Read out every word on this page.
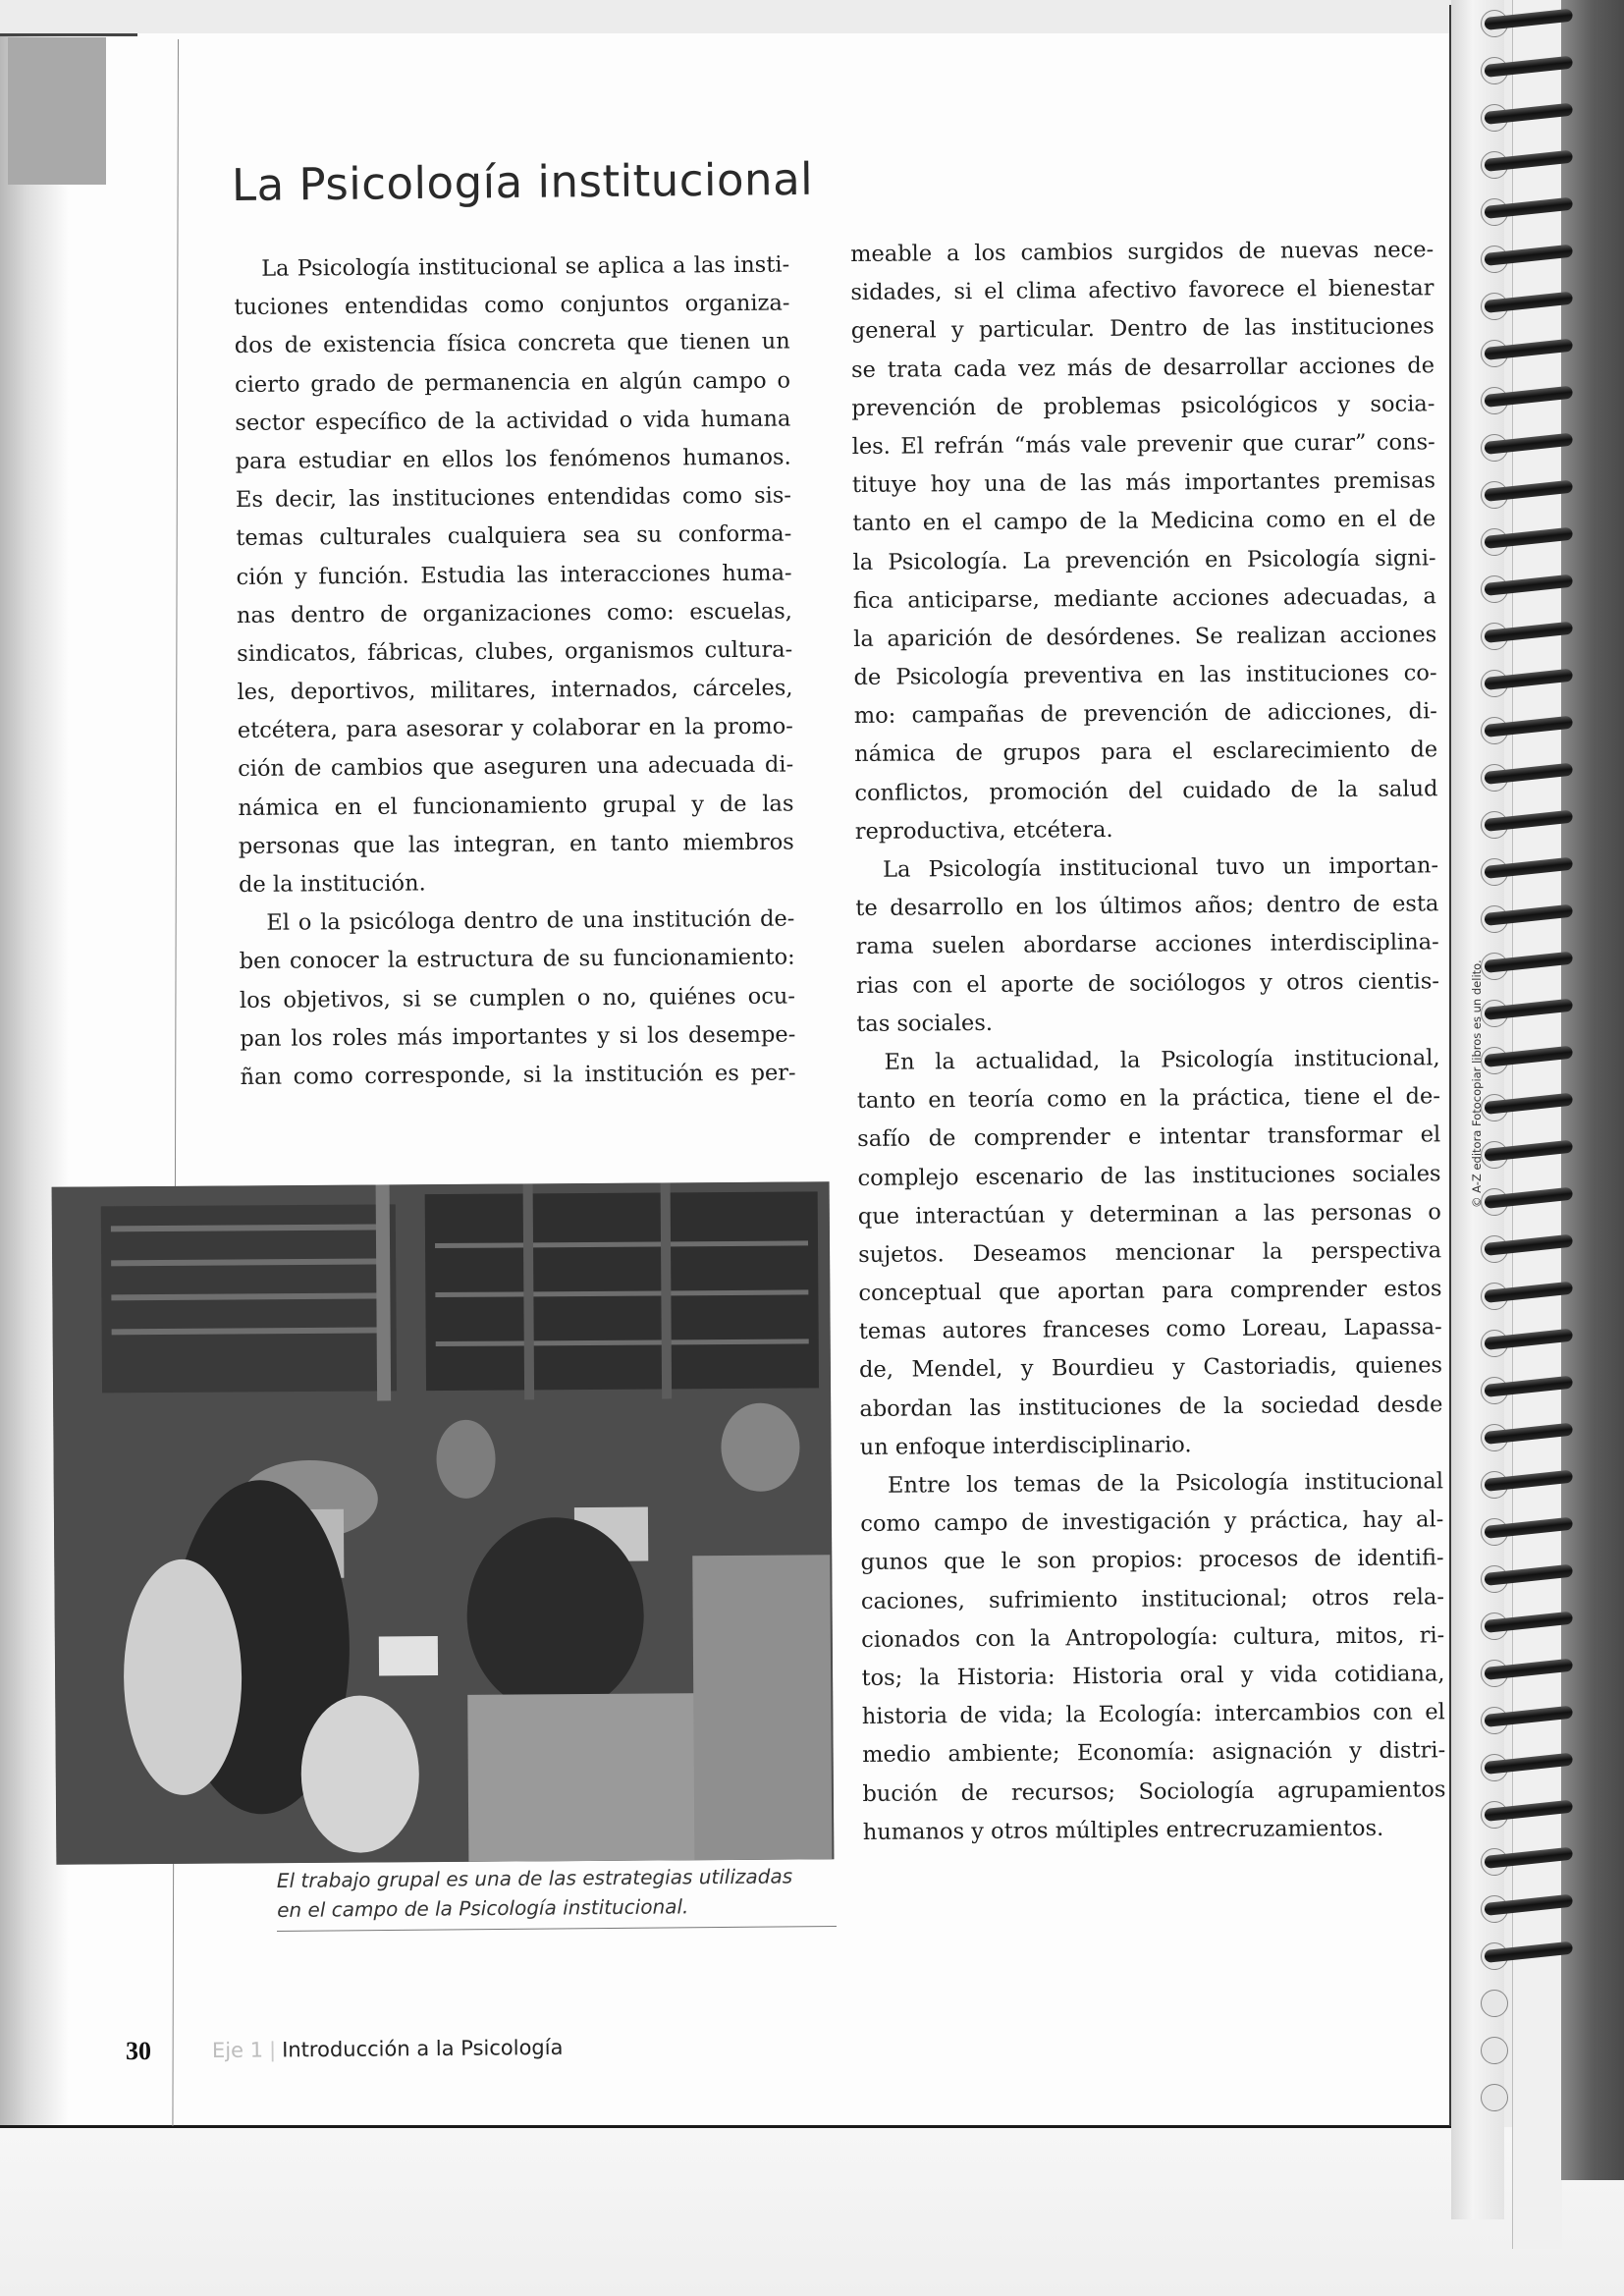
La Psicología institucional
La Psicología institucional se aplica a las insti-
tuciones entendidas como conjuntos organiza-
dos de existencia física concreta que tienen un
cierto grado de permanencia en algún campo o
sector específico de la actividad o vida humana
para estudiar en ellos los fenómenos humanos.
Es decir, las instituciones entendidas como sis-
temas culturales cualquiera sea su conforma-
ción y función. Estudia las interacciones huma-
nas dentro de organizaciones como: escuelas,
sindicatos, fábricas, clubes, organismos cultura-
les, deportivos, militares, internados, cárceles,
etcétera, para asesorar y colaborar en la promo-
ción de cambios que aseguren una adecuada di-
námica en el funcionamiento grupal y de las
personas que las integran, en tanto miembros
de la institución.
El o la psicóloga dentro de una institución de-
ben conocer la estructura de su funcionamiento:
los objetivos, si se cumplen o no, quiénes ocu-
pan los roles más importantes y si los desempe-
ñan como corresponde, si la institución es per-
meable a los cambios surgidos de nuevas nece-
sidades, si el clima afectivo favorece el bienestar
general y particular. Dentro de las instituciones
se trata cada vez más de desarrollar acciones de
prevención de problemas psicológicos y socia-
les. El refrán “más vale prevenir que curar” cons-
tituye hoy una de las más importantes premisas
tanto en el campo de la Medicina como en el de
la Psicología. La prevención en Psicología signi-
fica anticiparse, mediante acciones adecuadas, a
la aparición de desórdenes. Se realizan acciones
de Psicología preventiva en las instituciones co-
mo: campañas de prevención de adicciones, di-
námica de grupos para el esclarecimiento de
conflictos, promoción del cuidado de la salud
reproductiva, etcétera.
La Psicología institucional tuvo un importan-
te desarrollo en los últimos años; dentro de esta
rama suelen abordarse acciones interdisciplina-
rias con el aporte de sociólogos y otros cientis-
tas sociales.
En la actualidad, la Psicología institucional,
tanto en teoría como en la práctica, tiene el de-
safío de comprender e intentar transformar el
complejo escenario de las instituciones sociales
que interactúan y determinan a las personas o
sujetos. Deseamos mencionar la perspectiva
conceptual que aportan para comprender estos
temas autores franceses como Loreau, Lapassa-
de, Mendel, y Bourdieu y Castoriadis, quienes
abordan las instituciones de la sociedad desde
un enfoque interdisciplinario.
Entre los temas de la Psicología institucional
como campo de investigación y práctica, hay al-
gunos que le son propios: procesos de identifi-
caciones, sufrimiento institucional; otros rela-
cionados con la Antropología: cultura, mitos, ri-
tos; la Historia: Historia oral y vida cotidiana,
historia de vida; la Ecología: intercambios con el
medio ambiente; Economía: asignación y distri-
bución de recursos; Sociología agrupamientos
humanos y otros múltiples entrecruzamientos.
El trabajo grupal es una de las estrategias utilizadas
en el campo de la Psicología institucional.
30	Eje 1 | Introducción a la Psicología
© A-Z editora Fotocopiar libros es un delito.
